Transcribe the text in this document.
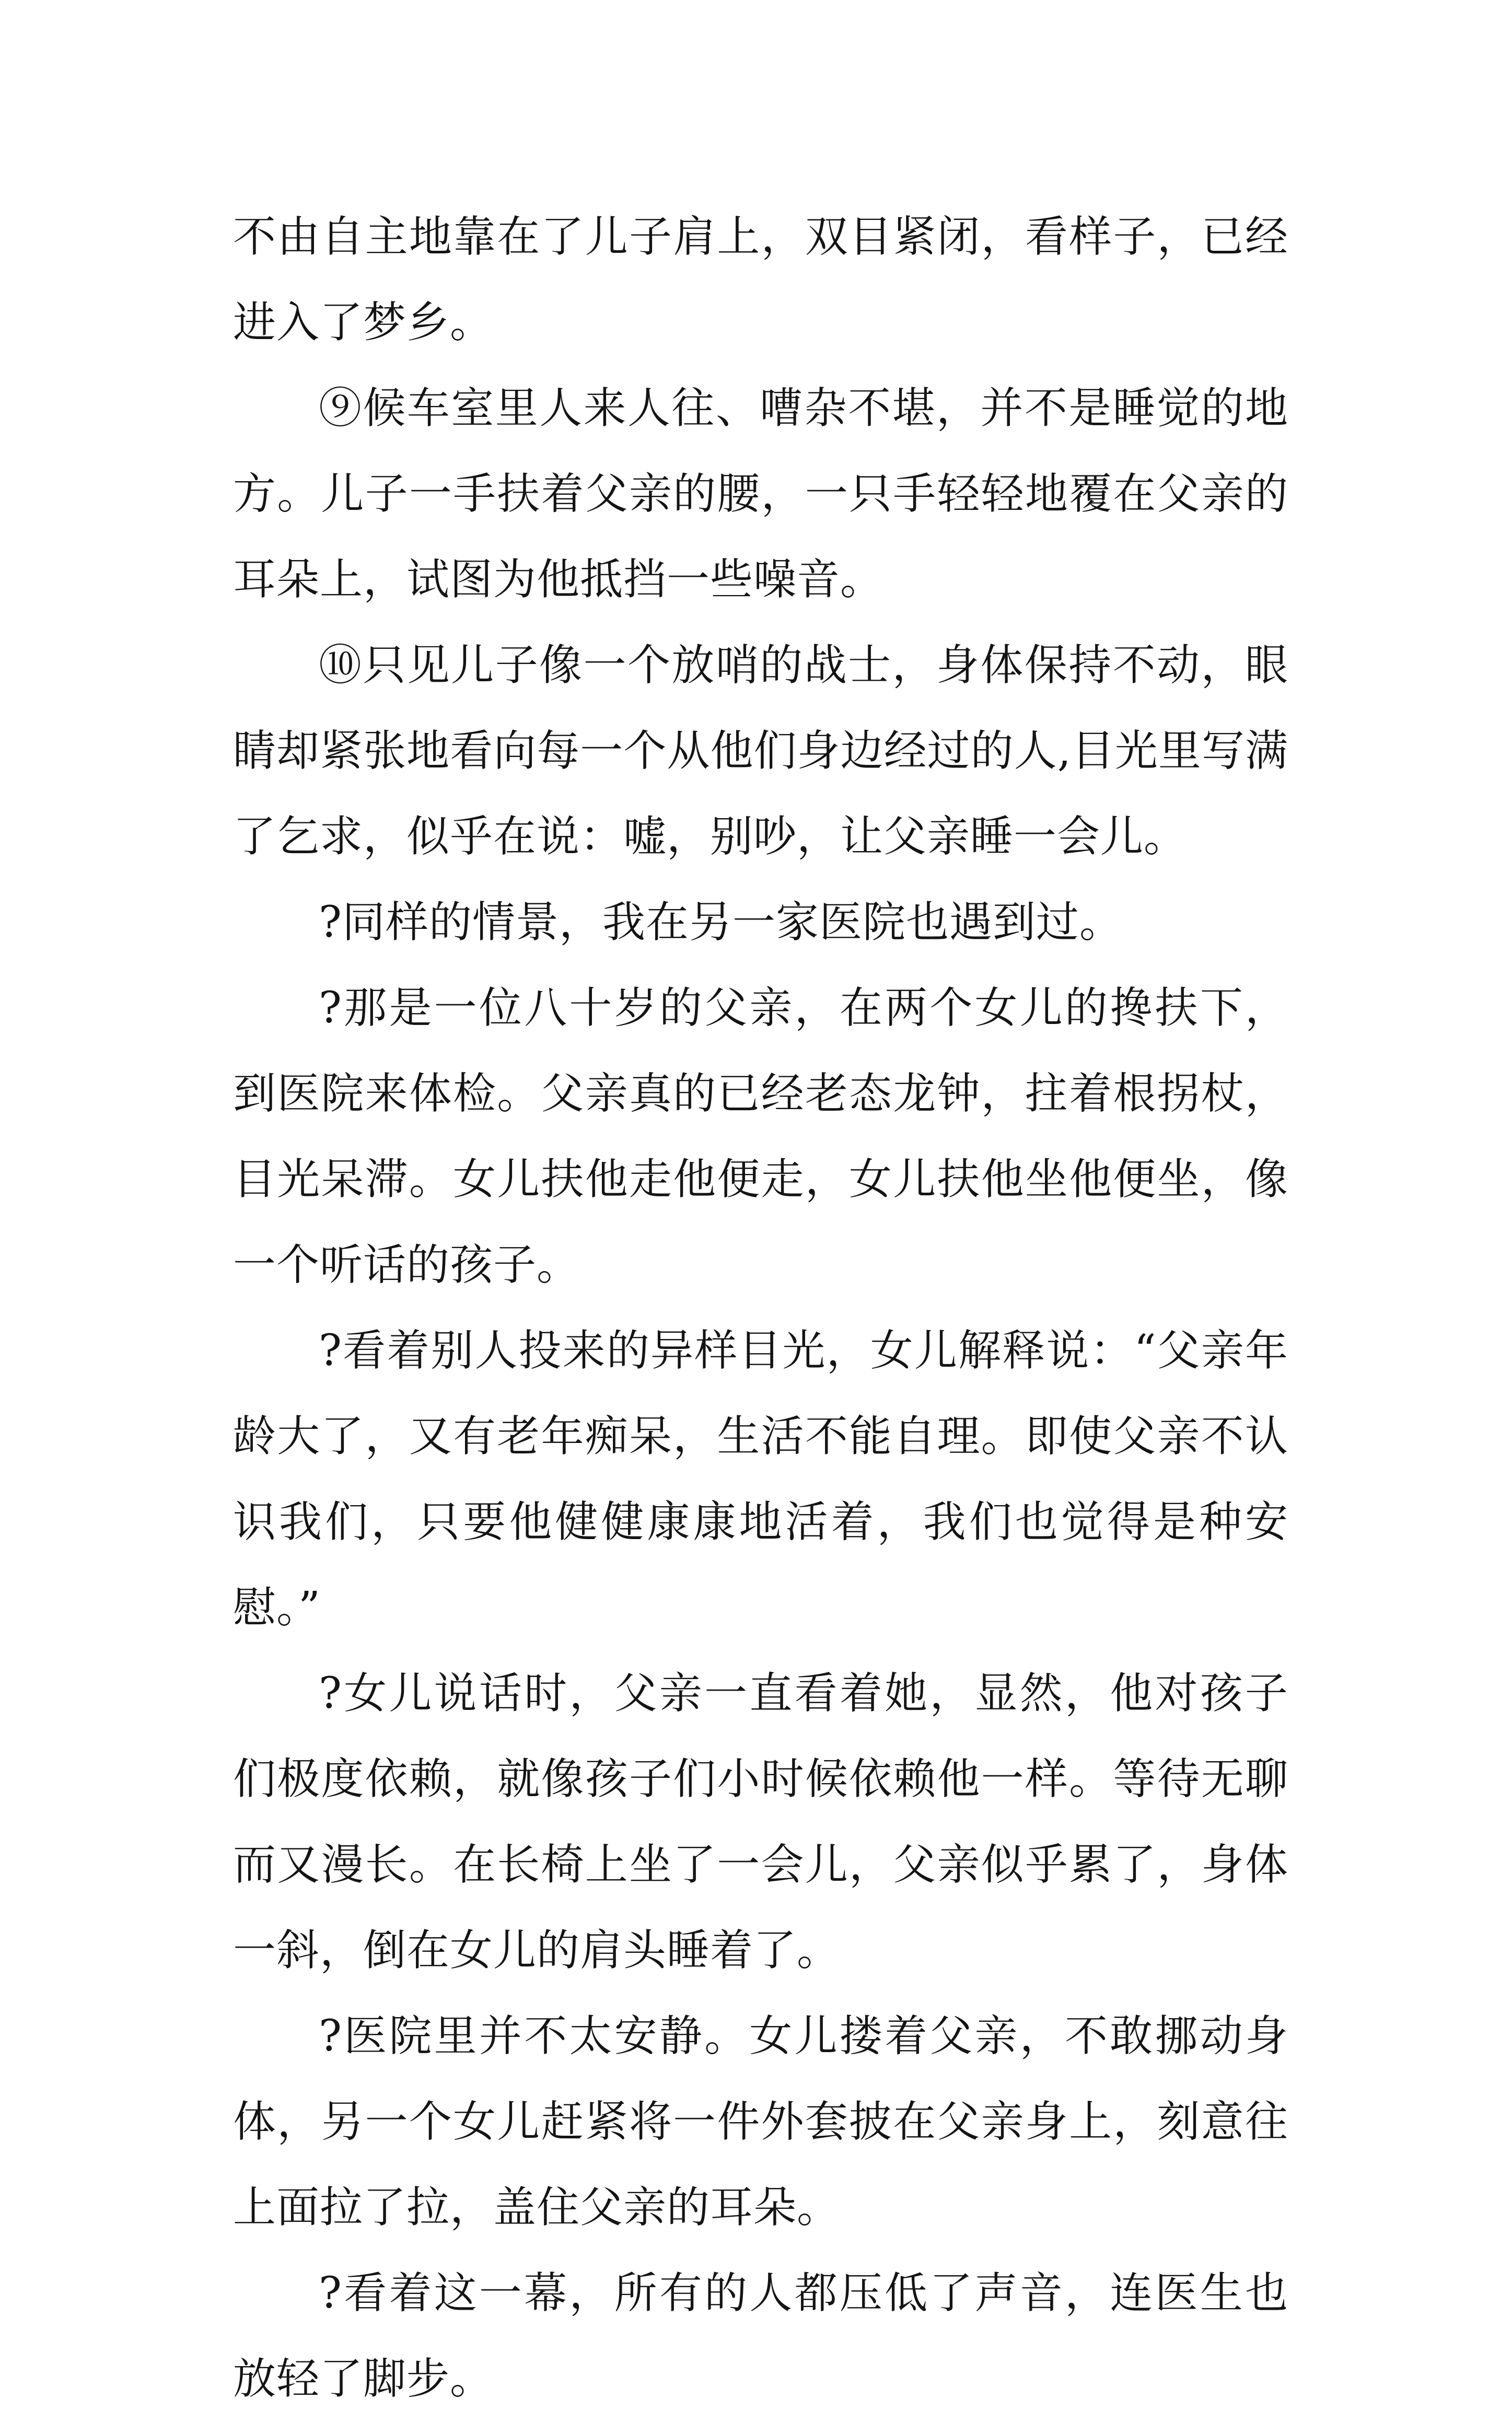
不由自主地靠在了儿子肩上，双目紧闭，看样子，已经进入了梦乡。

⑨候车室里人来人往、嘈杂不堪，并不是睡觉的地方。儿子一手扶着父亲的腰，一只手轻轻地覆在父亲的耳朵上，试图为他抵挡一些噪音。

⑩只见儿子像一个放哨的战士，身体保持不动，眼睛却紧张地看向每一个从他们身边经过的人,目光里写满了乞求，似乎在说：嘘，别吵，让父亲睡一会儿。

?同样的情景，我在另一家医院也遇到过。

?那是一位八十岁的父亲，在两个女儿的搀扶下，到医院来体检。父亲真的已经老态龙钟，拄着根拐杖，目光呆滞。女儿扶他走他便走，女儿扶他坐他便坐，像一个听话的孩子。

?看着别人投来的异样目光，女儿解释说：“父亲年龄大了，又有老年痴呆，生活不能自理。即使父亲不认识我们，只要他健健康康地活着，我们也觉得是种安慰。”

?女儿说话时，父亲一直看着她，显然，他对孩子们极度依赖，就像孩子们小时候依赖他一样。等待无聊而又漫长。在长椅上坐了一会儿，父亲似乎累了，身体一斜，倒在女儿的肩头睡着了。

?医院里并不太安静。女儿搂着父亲，不敢挪动身体，另一个女儿赶紧将一件外套披在父亲身上，刻意往上面拉了拉，盖住父亲的耳朵。

?看着这一幕，所有的人都压低了声音，连医生也放轻了脚步。
